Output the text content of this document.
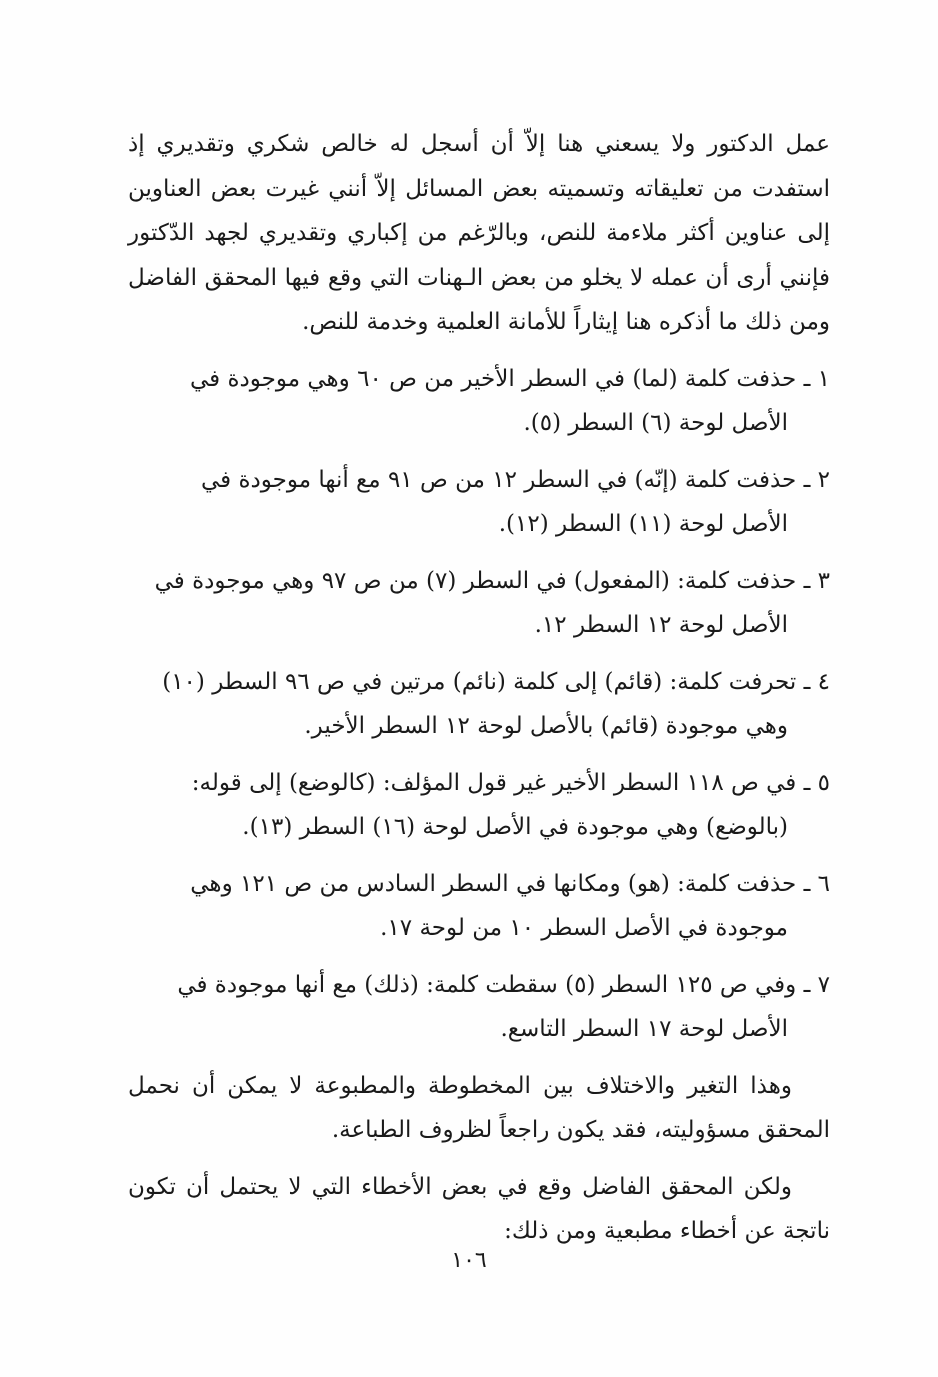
عمل الدكتور ولا يسعني هنا إلاّ أن أسجل له خالص شكري وتقديري إذ استفدت من تعليقاته وتسميته بعض المسائل إلاّ أنني غيرت بعض العناوين إلى عناوين أكثر ملاءمة للنص، وبالرّغم من إكباري وتقديري لجهد الدّكتور فإنني أرى أن عمله لا يخلو من بعض الـهنات التي وقع فيها المحقق الفاضل ومن ذلك ما أذكره هنا إيثاراً للأمانة العلمية وخدمة للنص.

١ ـ حذفت كلمة (لما) في السطر الأخير من ص ٦٠ وهي موجودة في
الأصل لوحة (٦) السطر (٥).
٢ ـ حذفت كلمة (إنّه) في السطر ١٢ من ص ٩١ مع أنها موجودة في
الأصل لوحة (١١) السطر (١٢).
٣ ـ حذفت كلمة: (المفعول) في السطر (٧) من ص ٩٧ وهي موجودة في
الأصل لوحة ١٢ السطر ١٢.
٤ ـ تحرفت كلمة: (قائم) إلى كلمة (نائم) مرتين في ص ٩٦ السطر (١٠)
وهي موجودة (قائم) بالأصل لوحة ١٢ السطر الأخير.
٥ ـ في ص ١١٨ السطر الأخير غير قول المؤلف: (كالوضع) إلى قوله:
(بالوضع) وهي موجودة في الأصل لوحة (١٦) السطر (١٣).
٦ ـ حذفت كلمة: (هو) ومكانها في السطر السادس من ص ١٢١ وهي
موجودة في الأصل السطر ١٠ من لوحة ١٧.
٧ ـ وفي ص ١٢٥ السطر (٥) سقطت كلمة: (ذلك) مع أنها موجودة في
الأصل لوحة ١٧ السطر التاسع.

وهذا التغير والاختلاف بين المخطوطة والمطبوعة لا يمكن أن نحمل المحقق مسؤوليته، فقد يكون راجعاً لظروف الطباعة.

ولكن المحقق الفاضل وقع في بعض الأخطاء التي لا يحتمل أن تكون ناتجة عن أخطاء مطبعية ومن ذلك:

١٠٦
